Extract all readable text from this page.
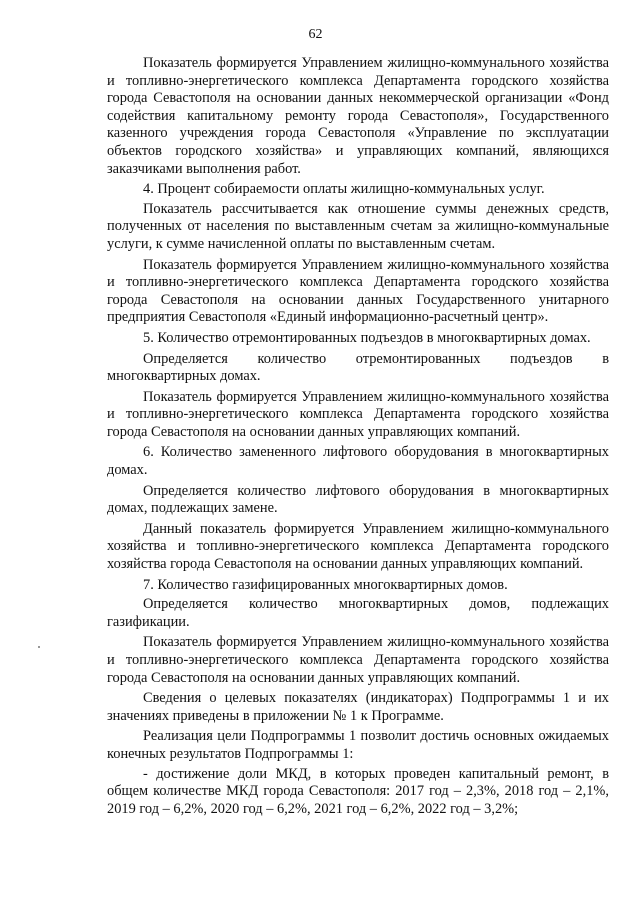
62

Показатель формируется Управлением жилищно-коммунального хозяйства и топливно-энергетического комплекса Департамента городского хозяйства города Севастополя на основании данных некоммерческой организации «Фонд содействия капитальному ремонту города Севастополя», Государственного казенного учреждения города Севастополя «Управление по эксплуатации объектов городского хозяйства» и управляющих компаний, являющихся заказчиками выполнения работ.

4. Процент собираемости оплаты жилищно-коммунальных услуг.

Показатель рассчитывается как отношение суммы денежных средств, полученных от населения по выставленным счетам за жилищно-коммунальные услуги, к сумме начисленной оплаты по выставленным счетам.

Показатель формируется Управлением жилищно-коммунального хозяйства и топливно-энергетического комплекса Департамента городского хозяйства города Севастополя на основании данных Государственного унитарного предприятия Севастополя «Единый информационно-расчетный центр».

5. Количество отремонтированных подъездов в многоквартирных домах.

Определяется количество отремонтированных подъездов в многоквартирных домах.

Показатель формируется Управлением жилищно-коммунального хозяйства и топливно-энергетического комплекса Департамента городского хозяйства города Севастополя на основании данных управляющих компаний.

6. Количество замененного лифтового оборудования в многоквартирных домах.

Определяется количество лифтового оборудования в многоквартирных домах, подлежащих замене.

Данный показатель формируется Управлением жилищно-коммунального хозяйства и топливно-энергетического комплекса Департамента городского хозяйства города Севастополя на основании данных управляющих компаний.

7. Количество газифицированных многоквартирных домов.

Определяется количество многоквартирных домов, подлежащих газификации.

Показатель формируется Управлением жилищно-коммунального хозяйства и топливно-энергетического комплекса Департамента городского хозяйства города Севастополя на основании данных управляющих компаний.

Сведения о целевых показателях (индикаторах) Подпрограммы 1 и их значениях приведены в приложении № 1 к Программе.

Реализация цели Подпрограммы 1 позволит достичь основных ожидаемых конечных результатов Подпрограммы 1:

- достижение доли МКД, в которых проведен капитальный ремонт, в общем количестве МКД города Севастополя: 2017 год – 2,3%, 2018 год – 2,1%, 2019 год – 6,2%, 2020 год – 6,2%, 2021 год – 6,2%, 2022 год – 3,2%;
